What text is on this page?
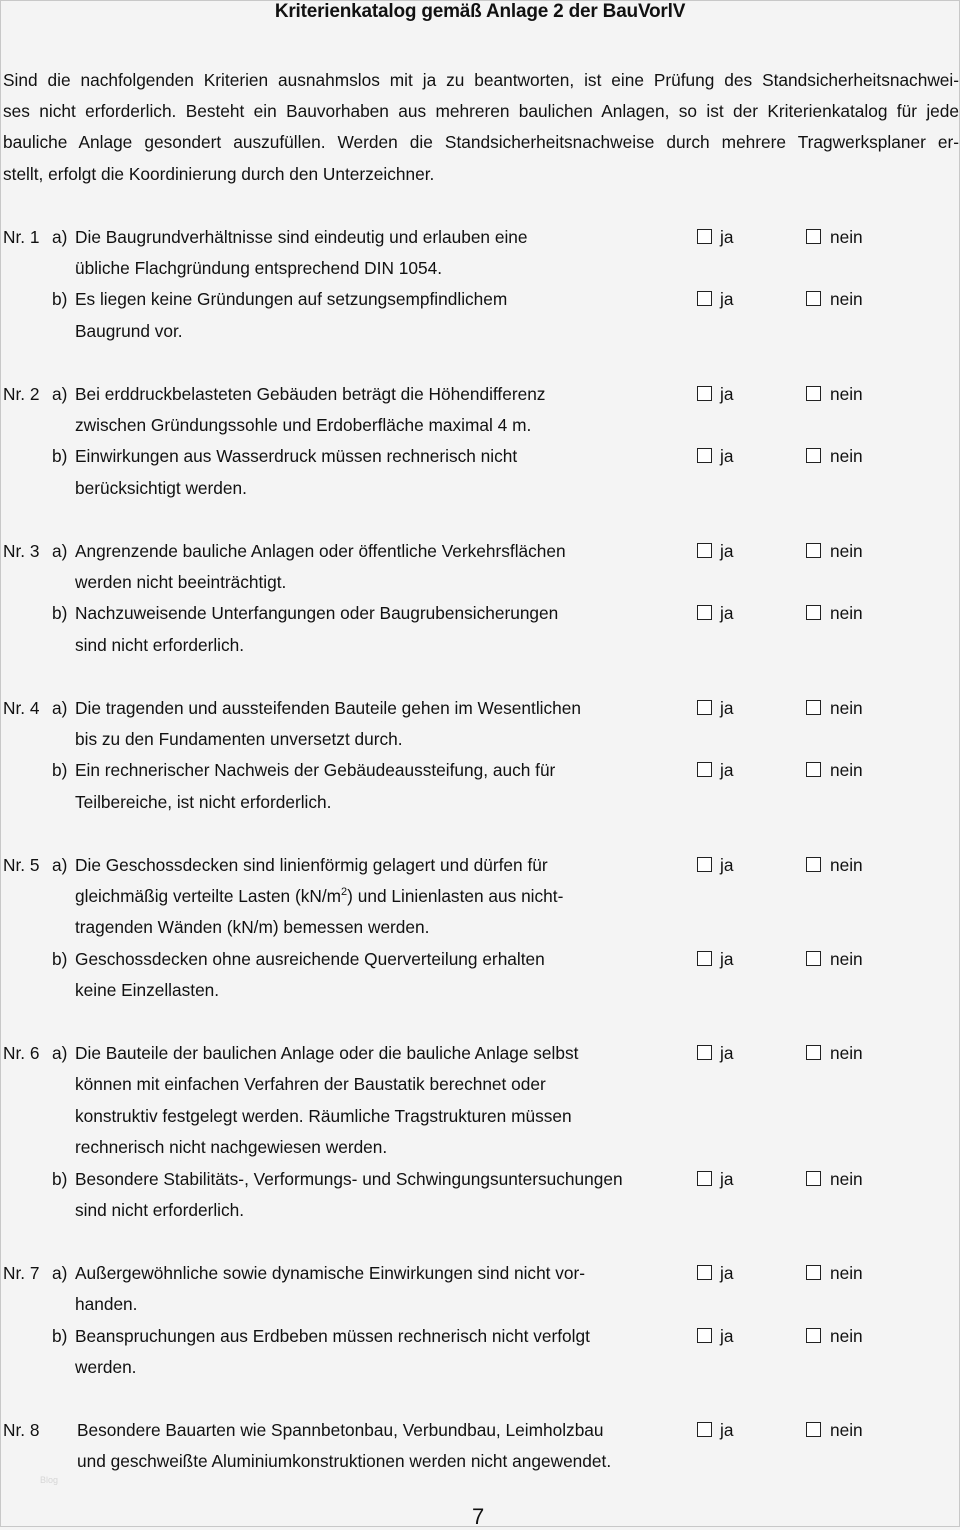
Kriterienkatalog gemäß Anlage 2 der BauVorlV
Sind die nachfolgenden Kriterien ausnahmslos mit ja zu beantworten, ist eine Prüfung des Standsicherheitsnachwei-
ses nicht erforderlich. Besteht ein Bauvorhaben aus mehreren baulichen Anlagen, so ist der Kriterienkatalog für jede
bauliche Anlage gesondert auszufüllen. Werden die Standsicherheitsnachweise durch mehrere Tragwerksplaner er-
stellt, erfolgt die Koordinierung durch den Unterzeichner.
Nr. 1 a) Die Baugrundverhältnisse sind eindeutig und erlauben eine	ja	nein
übliche Flachgründung entsprechend DIN 1054.
b) Es liegen keine Gründungen auf setzungsempfindlichem	ja	nein
Baugrund vor.
Nr. 2 a) Bei erddruckbelasteten Gebäuden beträgt die Höhendifferenz	ja	nein
zwischen Gründungssohle und Erdoberfläche maximal 4 m.
b) Einwirkungen aus Wasserdruck müssen rechnerisch nicht	ja	nein
berücksichtigt werden.
Nr. 3 a) Angrenzende bauliche Anlagen oder öffentliche Verkehrsflächen	ja	nein
werden nicht beeinträchtigt.
b) Nachzuweisende Unterfangungen oder Baugrubensicherungen	ja	nein
sind nicht erforderlich.
Nr. 4 a) Die tragenden und aussteifenden Bauteile gehen im Wesentlichen	ja	nein
bis zu den Fundamenten unversetzt durch.
b) Ein rechnerischer Nachweis der Gebäudeaussteifung, auch für	ja	nein
Teilbereiche, ist nicht erforderlich.
Nr. 5 a) Die Geschossdecken sind linienförmig gelagert und dürfen für	ja	nein
gleichmäßig verteilte Lasten $(kN/m^2)$ und Linienlasten aus nicht-
tragenden Wänden (kN/m) bemessen werden.
b) Geschossdecken ohne ausreichende Querverteilung erhalten	ja	nein
keine Einzellasten.
Nr. 6 a) Die Bauteile der baulichen Anlage oder die bauliche Anlage selbst	ja	nein
können mit einfachen Verfahren der Baustatik berechnet oder
konstruktiv festgelegt werden. Räumliche Tragstrukturen müssen
rechnerisch nicht nachgewiesen werden.
b) Besondere Stabilitäts-, Verformungs- und Schwingungsuntersuchungen	ja	nein
sind nicht erforderlich.
Nr. 7 a) Außergewöhnliche sowie dynamische Einwirkungen sind nicht vor-	ja	nein
handen.
b) Beanspruchungen aus Erdbeben müssen rechnerisch nicht verfolgt	ja	nein
werden.
Nr. 8 Besondere Bauarten wie Spannbetonbau, Verbundbau, Leimholzbau	ja	nein
und geschweißte Aluminiumkonstruktionen werden nicht angewendet.
Blog
7
